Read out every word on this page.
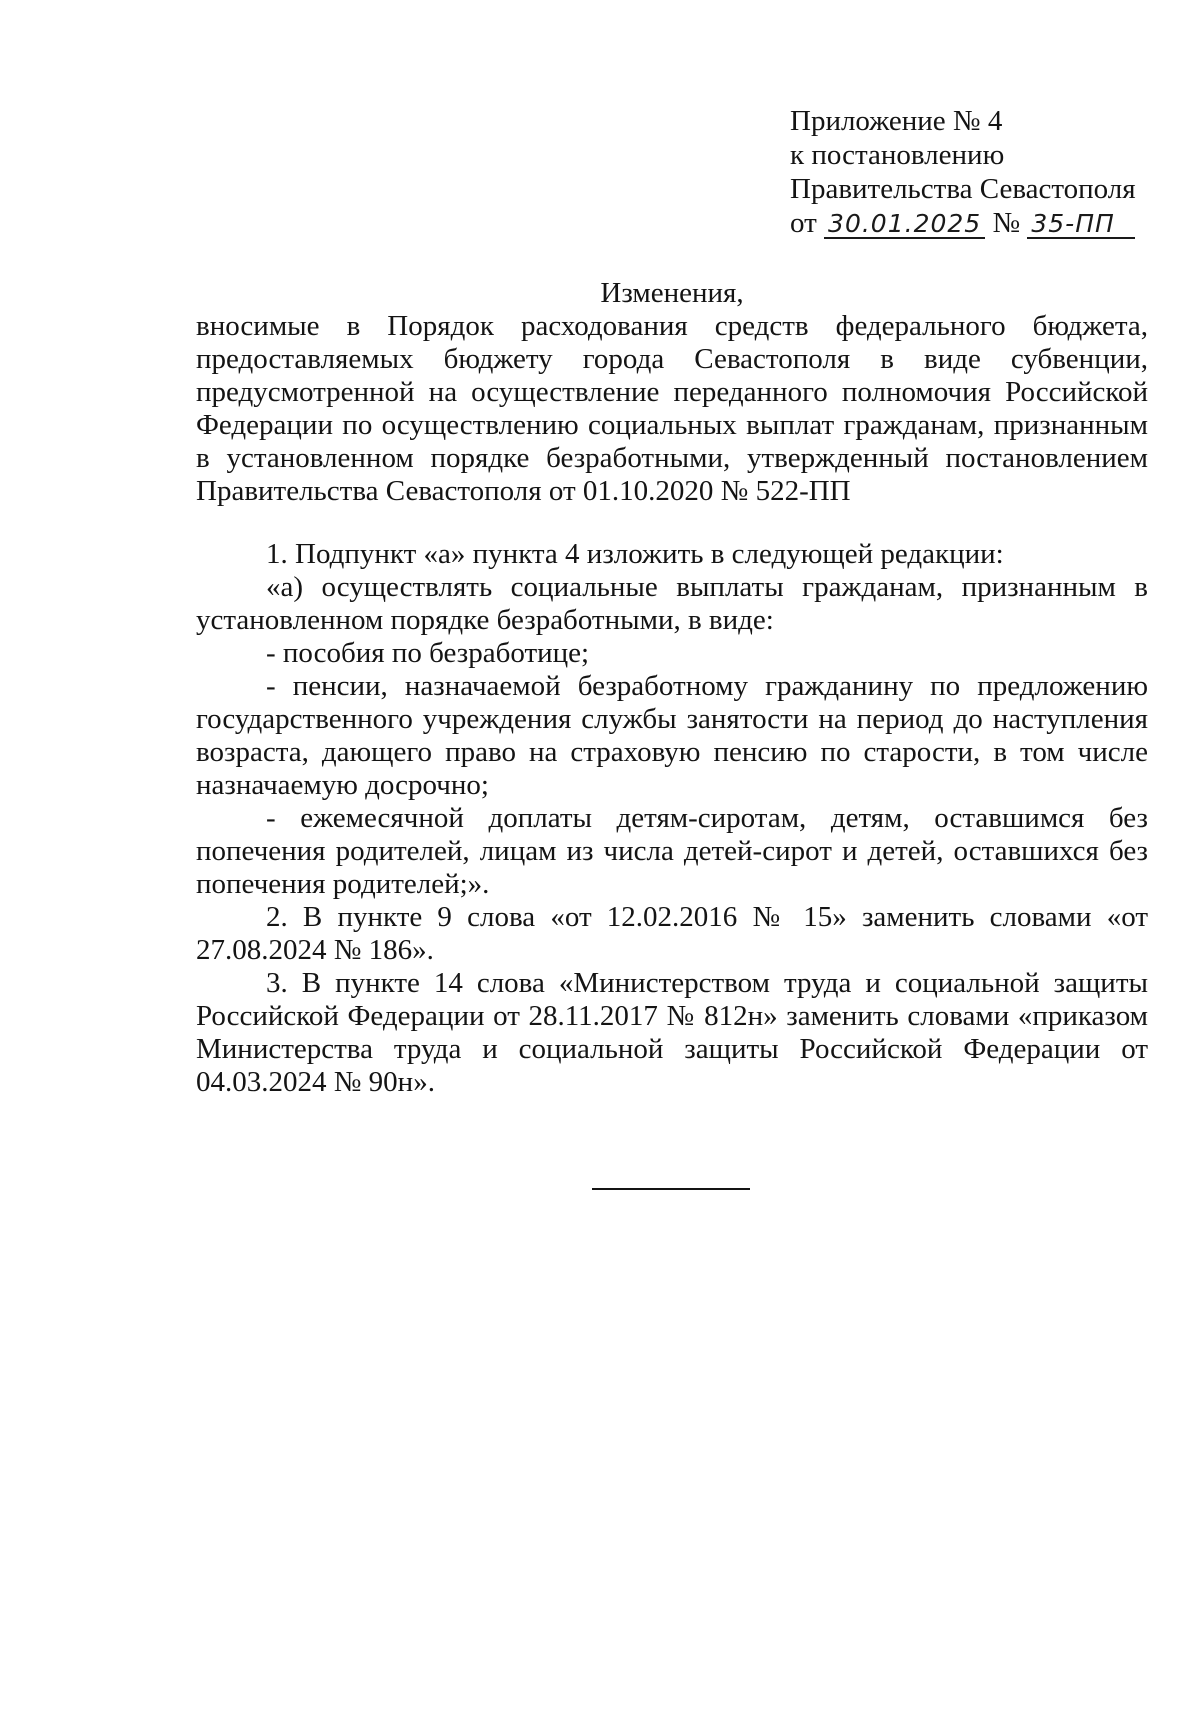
Приложение № 4
к постановлению
Правительства Севастополя
от 30.01.2025 № 35-ПП
Изменения,
вносимые в Порядок расходования средств федерального бюджета, предоставляемых бюджету города Севастополя в виде субвенции, предусмотренной на осуществление переданного полномочия Российской Федерации по осуществлению социальных выплат гражданам, признанным в установленном порядке безработными, утвержденный постановлением Правительства Севастополя от 01.10.2020 № 522-ПП

1. Подпункт «а» пункта 4 изложить в следующей редакции:

«а) осуществлять социальные выплаты гражданам, признанным в установленном порядке безработными, в виде:

- пособия по безработице;

- пенсии, назначаемой безработному гражданину по предложению государственного учреждения службы занятости на период до наступления возраста, дающего право на страховую пенсию по старости, в том числе назначаемую досрочно;

- ежемесячной доплаты детям-сиротам, детям, оставшимся без попечения родителей, лицам из числа детей-сирот и детей, оставшихся без попечения родителей;».

2. В пункте 9 слова «от 12.02.2016 № 15» заменить словами «от 27.08.2024 № 186».

3. В пункте 14 слова «Министерством труда и социальной защиты Российской Федерации от 28.11.2017 № 812н» заменить словами «приказом Министерства труда и социальной защиты Российской Федерации от 04.03.2024 № 90н».
